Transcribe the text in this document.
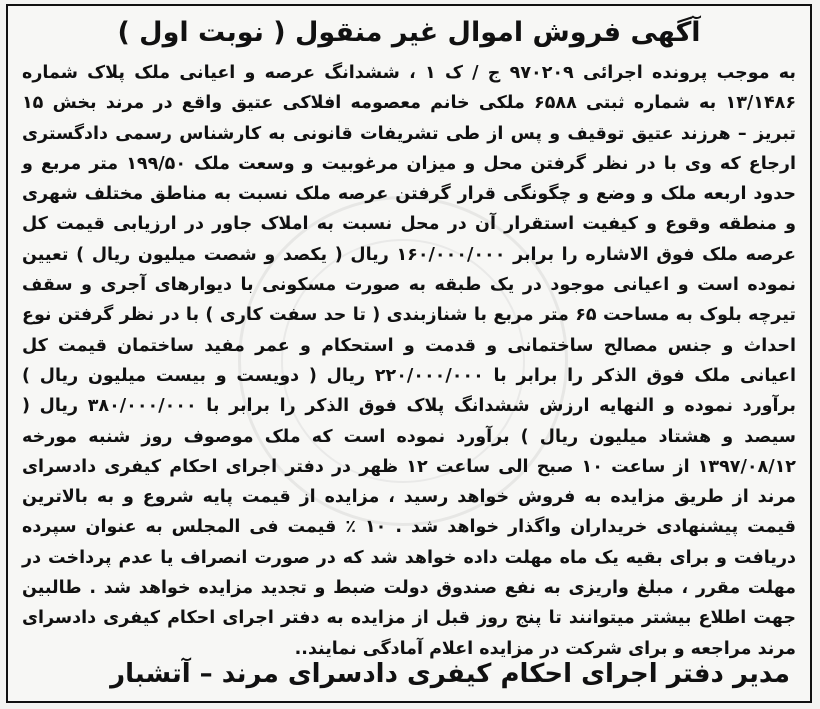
آگهی فروش اموال غیر منقول ( نوبت اول )

به موجب پرونده اجرائی ۹۷۰۲۰۹ ج / ک ۱ ، ششدانگ عرصه و اعیانی ملک پلاک شماره ۱۳/۱۴۸۶ به شماره ثبتی ۶۵۸۸ ملکی خانم معصومه افلاکی عتیق واقع در مرند بخش ۱۵ تبریز – هرزند عتیق توقیف و پس از طی تشریفات قانونی به کارشناس رسمی دادگستری ارجاع که وی با در نظر گرفتن محل و میزان مرغوبیت و وسعت ملک ۱۹۹/۵۰ متر مربع و حدود اربعه ملک و وضع و چگونگی قرار گرفتن عرصه ملک نسبت به مناطق مختلف شهری و منطقه وقوع و کیفیت استقرار آن در محل نسبت به املاک جاور در ارزیابی قیمت کل عرصه ملک فوق الاشاره را برابر ۱۶۰/۰۰۰/۰۰۰ ریال ( یکصد و شصت میلیون ریال ) تعیین نموده است و اعیانی موجود در یک طبقه به صورت مسکونی با دیوارهای آجری و سقف تیرچه بلوک به مساحت ۶۵ متر مربع با شنازبندی ( تا حد سفت کاری ) با در نظر گرفتن نوع احداث و جنس مصالح ساختمانی و قدمت و استحکام و عمر مفید ساختمان قیمت کل اعیانی ملک فوق الذکر را برابر با ۲۲۰/۰۰۰/۰۰۰ ریال ( دویست و بیست میلیون ریال ) برآورد نموده و النهایه ارزش ششدانگ پلاک فوق الذکر را برابر با ۳۸۰/۰۰۰/۰۰۰ ریال ( سیصد و هشتاد میلیون ریال ) برآورد نموده است که ملک موصوف روز شنبه مورخه ۱۳۹۷/۰۸/۱۲ از ساعت ۱۰ صبح الی ساعت ۱۲ ظهر در دفتر اجرای احکام کیفری دادسرای مرند از طریق مزایده به فروش خواهد رسید ، مزایده از قیمت پایه شروع و به بالاترین قیمت پیشنهادی خریداران واگذار خواهد شد . ۱۰ ٪ قیمت فی المجلس به عنوان سپرده دریافت و برای بقیه یک ماه مهلت داده خواهد شد که در صورت انصراف یا عدم پرداخت در مهلت مقرر ، مبلغ واریزی به نفع صندوق دولت ضبط و تجدید مزایده خواهد شد . طالبین جهت اطلاع بیشتر میتوانند تا پنج روز قبل از مزایده به دفتر اجرای احکام کیفری دادسرای مرند مراجعه و برای شرکت در مزایده اعلام آمادگی نمایند..

مدیر دفتر اجرای احکام کیفری دادسرای مرند – آتشبار
